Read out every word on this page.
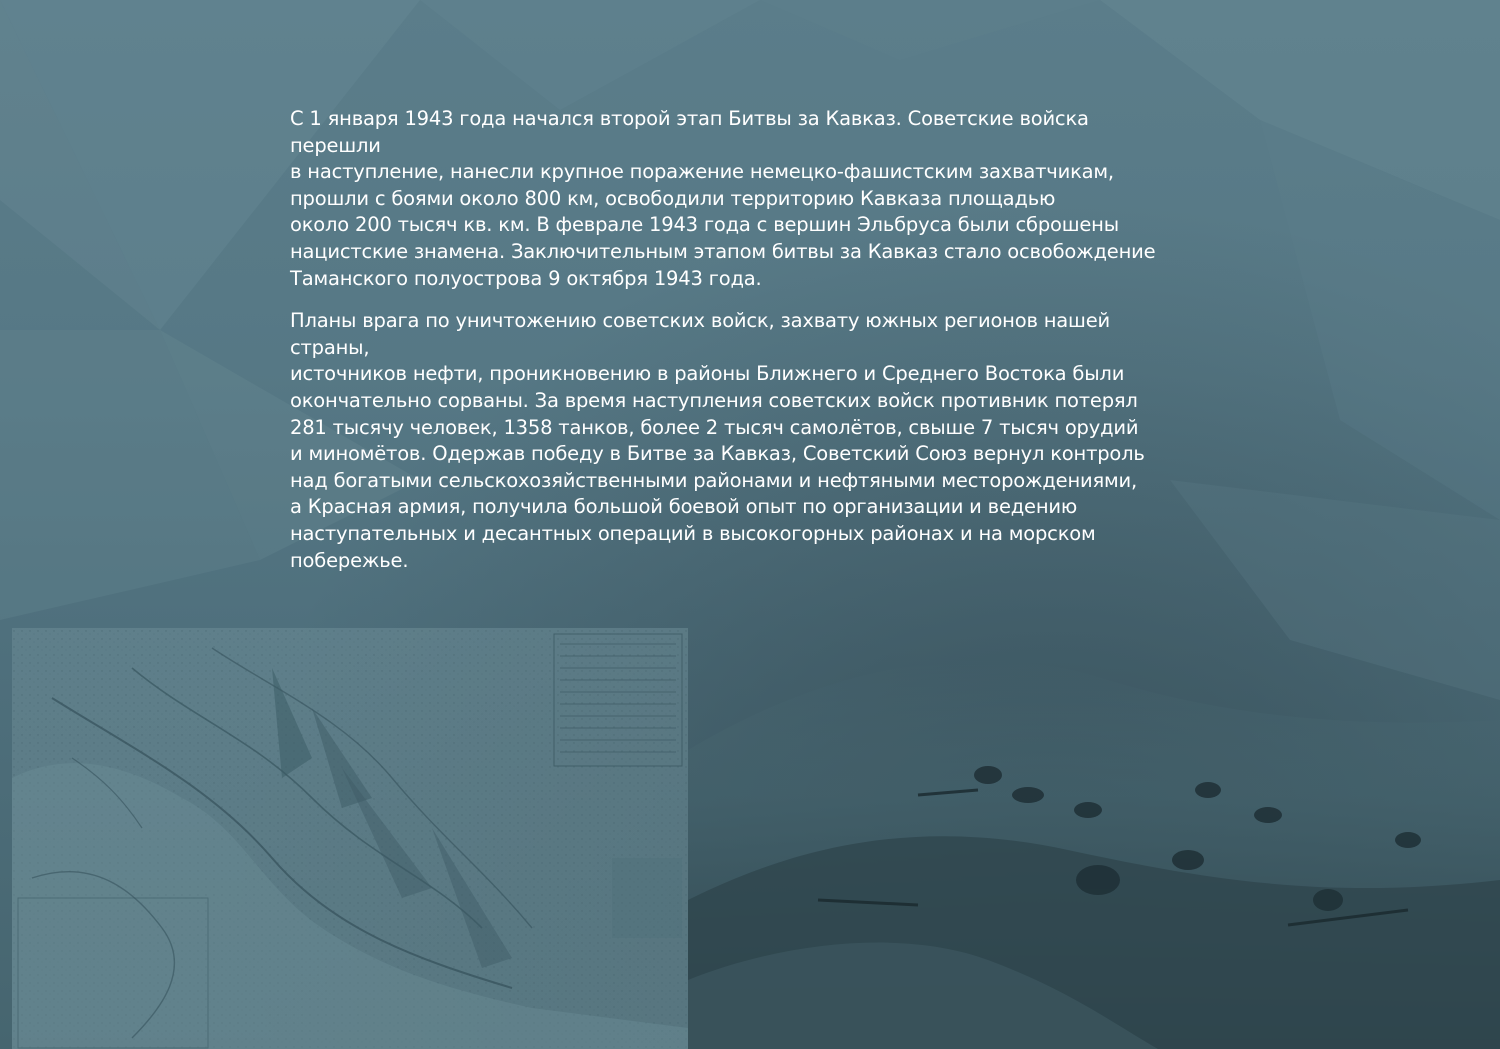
С 1 января 1943 года начался второй этап Битвы за Кавказ. Советские войска перешли
в наступление, нанесли крупное поражение немецко-фашистским захватчикам,
прошли с боями около 800 км, освободили территорию Кавказа площадью
около 200 тысяч кв. км. В феврале 1943 года с вершин Эльбруса были сброшены
нацистские знамена. Заключительным этапом битвы за Кавказ стало освобождение
Таманского полуострова 9 октября 1943 года.

Планы врага по уничтожению советских войск, захвату южных регионов нашей страны,
источников нефти, проникновению в районы Ближнего и Среднего Востока были
окончательно сорваны. За время наступления советских войск противник потерял
281 тысячу человек, 1358 танков, более 2 тысяч самолётов, свыше 7 тысяч орудий
и миномётов. Одержав победу в Битве за Кавказ, Советский Союз вернул контроль
над богатыми сельскохозяйственными районами и нефтяными месторождениями,
а Красная армия, получила большой боевой опыт по организации и ведению
наступательных и десантных операций в высокогорных районах и на морском побережье.
